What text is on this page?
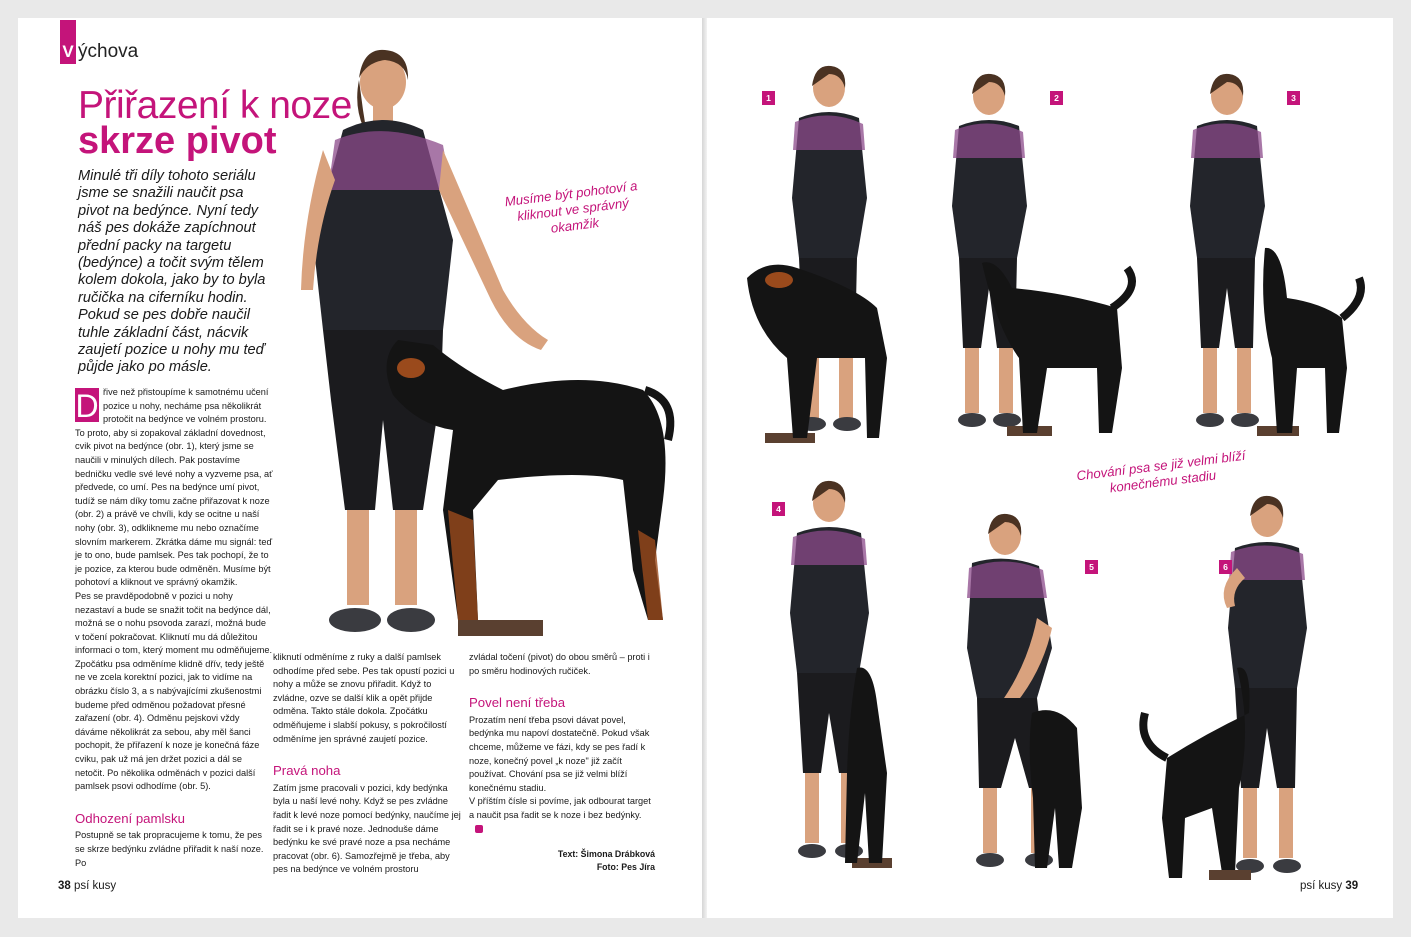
V ýchova
Přiřazení k noze
skrze pivot
Minulé tři díly tohoto seriálu jsme se snažili naučit psa pivot na bedýnce. Nyní tedy náš pes dokáže zapíchnout přední packy na targetu (bedýnce) a točit svým tělem kolem dokola, jako by to byla ručička na ciferníku hodin. Pokud se pes dobře naučil tuhle základní část, nácvik zaujetí pozice u nohy mu teď půjde jako po másle.
Musíme být pohotoví a kliknout ve správný okamžik
D řive než přistoupíme k samotnému učení pozice u nohy, necháme psa několikrát protočit na bedýnce ve volném prostoru. To proto, aby si zopakoval základní dovednost, cvik pivot na bedýnce (obr. 1), který jsme se naučili v minulých dílech. Pak postavíme bedničku vedle své levé nohy a vyzveme psa, ať předvede, co umí. Pes na bedýnce umí pivot, tudíž se nám díky tomu začne přiřazovat k noze (obr. 2) a právě ve chvíli, kdy se ocitne u naší nohy (obr. 3), odklikneme mu nebo označíme slovním markerem. Zkrátka dáme mu signál: teď je to ono, bude pamlsek. Pes tak pochopí, že to je pozice, za kterou bude odměněn. Musíme být pohotoví a kliknout ve správný okamžik.
Pes se pravděpodobně v pozici u nohy nezastaví a bude se snažit točit na bedýnce dál, možná se o nohu psovoda zarazí, možná bude v točení pokračovat. Kliknutí mu dá důležitou informaci o tom, který moment mu odměňujeme. Zpočátku psa odměníme klidně dřív, tedy ještě ne ve zcela korektní pozici, jak to vidíme na obrázku číslo 3, a s nabývajícími zkušenostmi budeme před odměnou požadovat přesné zařazení (obr. 4). Odměnu pejskovi vždy dáváme několikrát za sebou, aby měl šanci pochopit, že přiřazení k noze je konečná fáze cviku, pak už má jen držet pozici a dál se netočit. Po několika odměnách v pozici další pamlsek psovi odhodíme (obr. 5).
Odhození pamlsku
Postupně se tak propracujeme k tomu, že pes se skrze bedýnku zvládne přiřadit k naší noze. Po
kliknutí odměníme z ruky a další pamlsek odhodíme před sebe. Pes tak opustí pozici u nohy a může se znovu přiřadit. Když to zvládne, ozve se další klik a opět přijde odměna. Takto stále dokola. Zpočátku odměňujeme i slabší pokusy, s pokročilostí odměníme jen správné zaujetí pozice.
Pravá noha
Zatím jsme pracovali v pozici, kdy bedýnka byla u naší levé nohy. Když se pes zvládne řadit k levé noze pomocí bedýnky, naučíme jej řadit se i k pravé noze. Jednoduše dáme bedýnku ke své pravé noze a psa necháme pracovat (obr. 6). Samozřejmě je třeba, aby pes na bedýnce ve volném prostoru
zvládal točení (pivot) do obou směrů – proti i po směru hodinových ručiček.
Povel není třeba
Prozatím není třeba psovi dávat povel, bedýnka mu napoví dostatečně. Pokud však chceme, můžeme ve fázi, kdy se pes řadí k noze, konečný povel „k noze" již začít používat. Chování psa se již velmi blíží konečnému stadiu.
V příštím čísle si povíme, jak odbourat target a naučit psa řadit se k noze i bez bedýnky.
Text: Šimona Drábková
Foto: Pes Jíra
38 psí kusy
1	2	3
Chování psa se již velmi blíží konečnému stadiu
4
5	6
psí kusy 39
